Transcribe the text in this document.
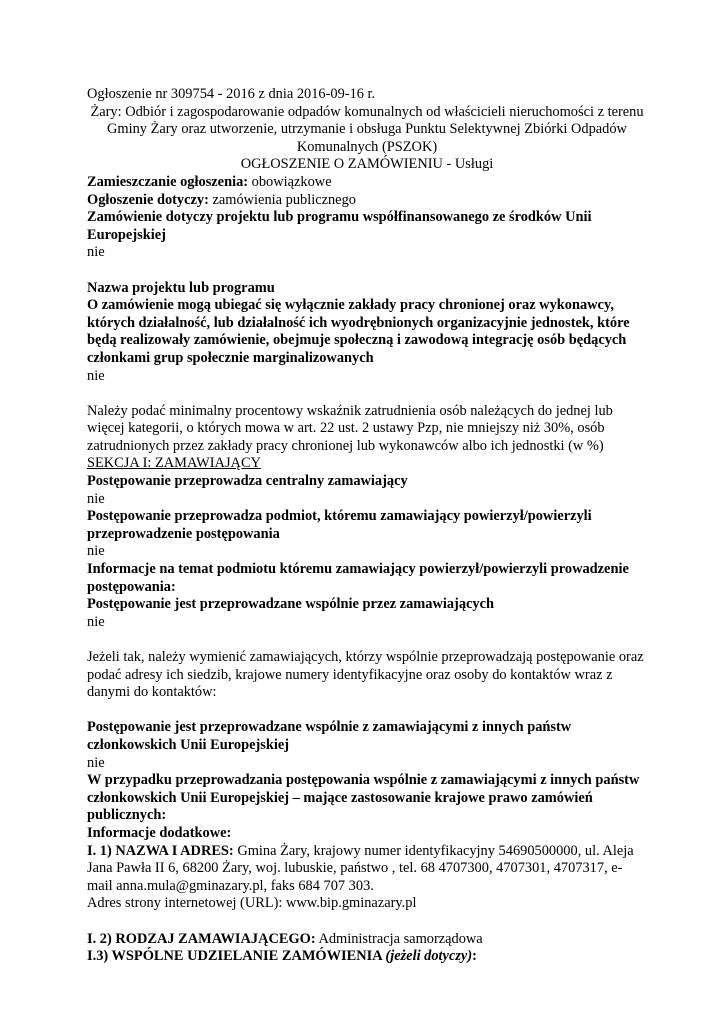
Ogłoszenie nr 309754 - 2016 z dnia 2016-09-16 r.

Żary: Odbiór i zagospodarowanie odpadów komunalnych od właścicieli nieruchomości z terenu Gminy Żary oraz utworzenie, utrzymanie i obsługa Punktu Selektywnej Zbiórki Odpadów Komunalnych (PSZOK)

OGŁOSZENIE O ZAMÓWIENIU - Usługi

Zamieszczanie ogłoszenia: obowiązkowe

Ogłoszenie dotyczy: zamówienia publicznego

Zamówienie dotyczy projektu lub programu współfinansowanego ze środków Unii Europejskiej

nie

Nazwa projektu lub programu

O zamówienie mogą ubiegać się wyłącznie zakłady pracy chronionej oraz wykonawcy, których działalność, lub działalność ich wyodrębnionych organizacyjnie jednostek, które będą realizowały zamówienie, obejmuje społeczną i zawodową integrację osób będących członkami grup społecznie marginalizowanych

nie

Należy podać minimalny procentowy wskaźnik zatrudnienia osób należących do jednej lub więcej kategorii, o których mowa w art. 22 ust. 2 ustawy Pzp, nie mniejszy niż 30%, osób zatrudnionych przez zakłady pracy chronionej lub wykonawców albo ich jednostki (w %)

SEKCJA I: ZAMAWIAJĄCY

Postępowanie przeprowadza centralny zamawiający

nie

Postępowanie przeprowadza podmiot, któremu zamawiający powierzył/powierzyli przeprowadzenie postępowania

nie

Informacje na temat podmiotu któremu zamawiający powierzył/powierzyli prowadzenie postępowania:

Postępowanie jest przeprowadzane wspólnie przez zamawiających

nie

Jeżeli tak, należy wymienić zamawiających, którzy wspólnie przeprowadzają postępowanie oraz podać adresy ich siedzib, krajowe numery identyfikacyjne oraz osoby do kontaktów wraz z danymi do kontaktów:

Postępowanie jest przeprowadzane wspólnie z zamawiającymi z innych państw członkowskich Unii Europejskiej

nie

W przypadku przeprowadzania postępowania wspólnie z zamawiającymi z innych państw członkowskich Unii Europejskiej – mające zastosowanie krajowe prawo zamówień publicznych:

Informacje dodatkowe:

I. 1) NAZWA I ADRES: Gmina Żary, krajowy numer identyfikacyjny 54690500000, ul. Aleja Jana Pawła II 6, 68200 Żary, woj. lubuskie, państwo , tel. 68 4707300, 4707301, 4707317, e-mail anna.mula@gminazary.pl, faks 684 707 303.

Adres strony internetowej (URL): www.bip.gminazary.pl

I. 2) RODZAJ ZAMAWIAJĄCEGO: Administracja samorządowa

I.3) WSPÓLNE UDZIELANIE ZAMÓWIENIA (jeżeli dotyczy):
